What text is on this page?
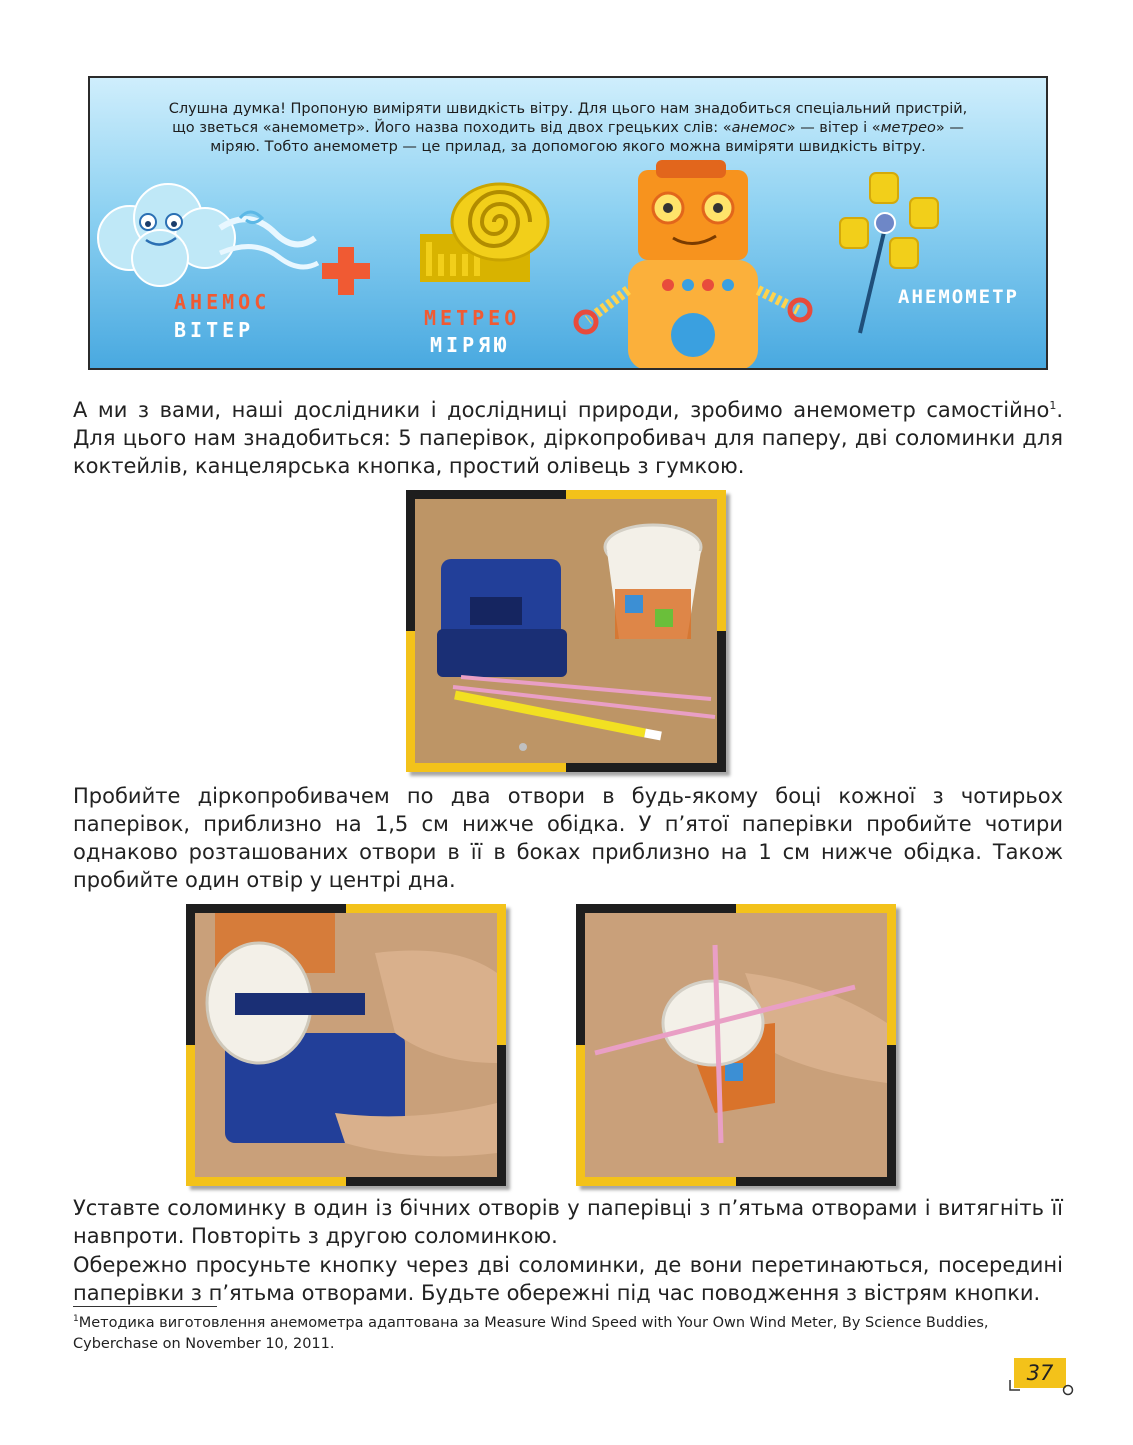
Слушна думка! Пропоную виміряти швидкість вітру. Для цього нам знадобиться спеціальний пристрій,
що зветься «анемометр». Його назва походить від двох грецьких слів: «анемос» — вітер і «метрео» —
міряю. Тобто анемометр — це прилад, за допомогою якого можна виміряти швидкість вітру.
АНЕМОС
ВІТЕР	МЕТРЕО
МІРЯЮ
АНЕМОМЕТР
А ми з вами, наші дослідники і дослідниці природи, зробимо анемометр самостійно$^1$. Для цього нам знадобиться: 5 паперівок, діркопробивач для паперу, дві соломинки для коктейлів, канцелярська кнопка, простий олівець з гумкою.
Пробийте діркопробивачем по два отвори в будь-якому боці кожної з чотирьох паперівок, приблизно на 1,5 см нижче обідка. У п’ятої паперівки пробийте чотири однаково розташованих отвори в її в боках приблизно на 1 см нижче обідка. Також пробийте один отвір у центрі дна.
Уставте соломинку в один із бічних отворів у паперівці з п’ятьма отворами і витягніть її навпроти. Повторіть з другою соломинкою.
Обережно просуньте кнопку через дві соломинки, де вони перетинаються, посередині паперівки з п’ятьма отворами. Будьте обережні під час поводження з вістрям кнопки.
$^1$Методика виготовлення анемометра адаптована за Measure Wind Speed with Your Own Wind Meter, By Science Buddies, Cyberchase on November 10, 2011.
37
